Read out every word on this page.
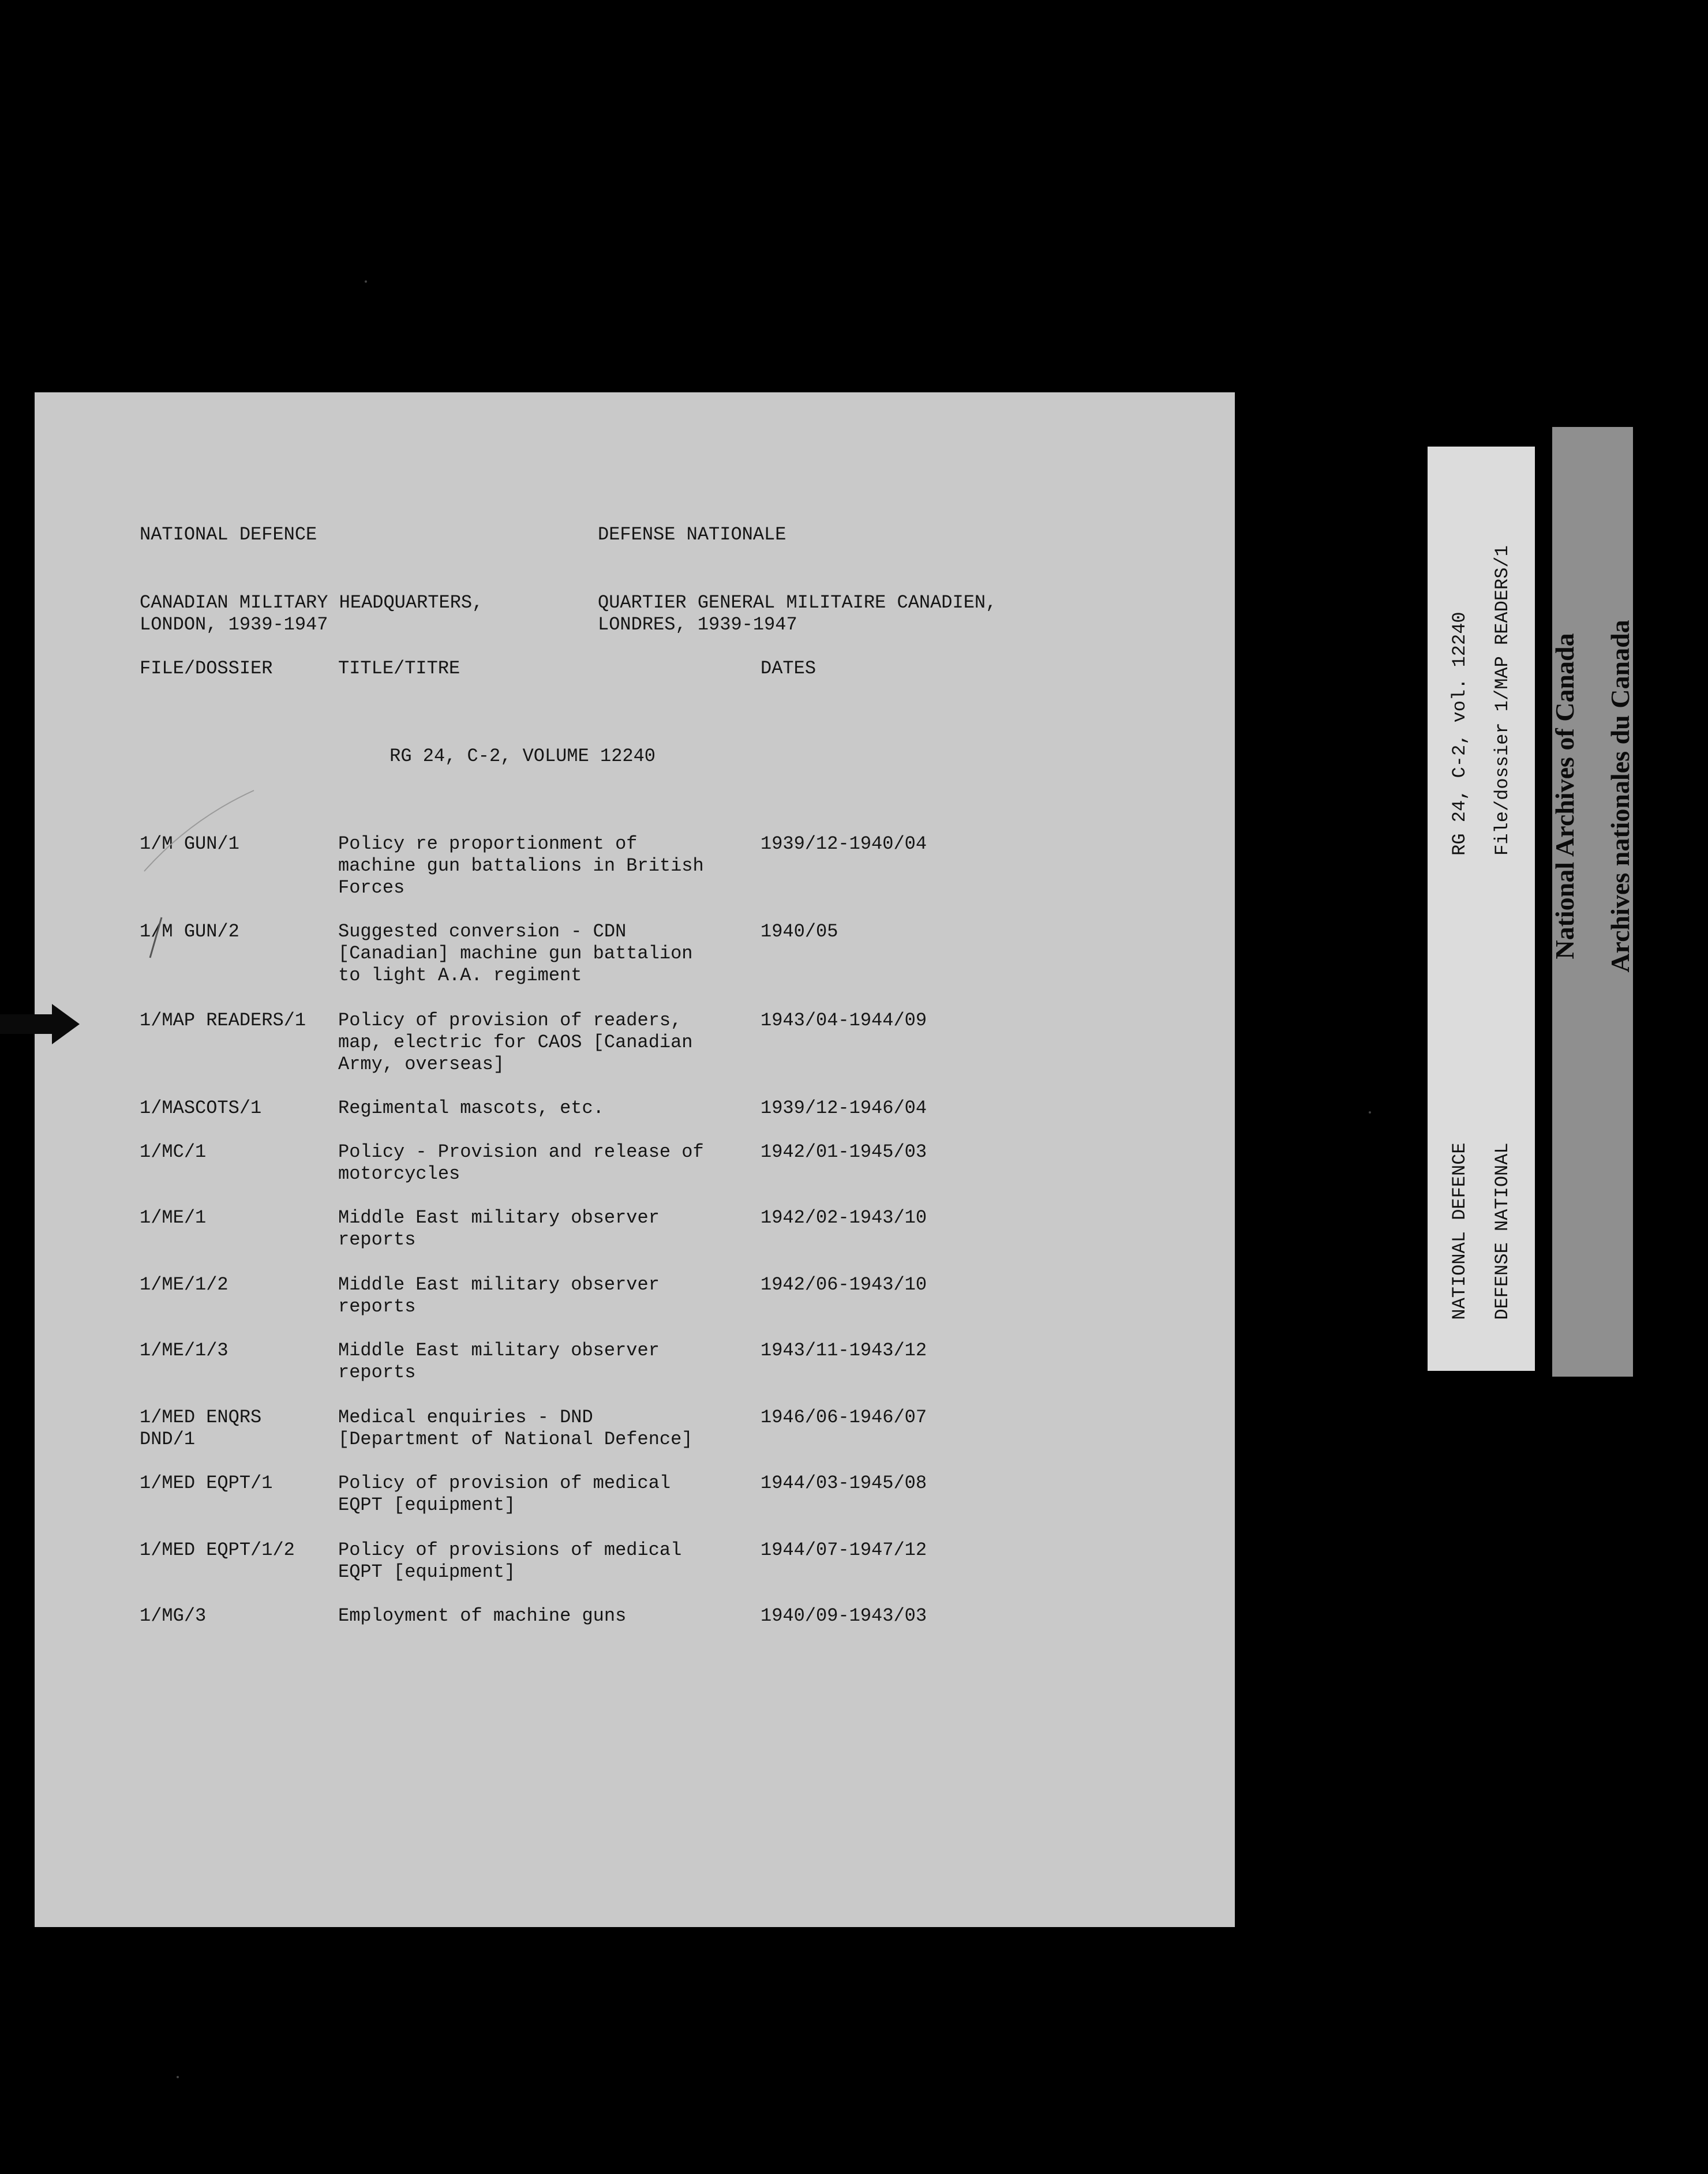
NATIONAL DEFENCE	DEFENSE NATIONALE
CANADIAN MILITARY HEADQUARTERS,
LONDON, 1939-1947
QUARTIER GENERAL MILITAIRE CANADIEN,
LONDRES, 1939-1947
FILE/DOSSIER	TITLE/TITRE	DATES
RG 24, C-2, VOLUME 12240
1/M GUN/1	Policy re proportionment of
machine gun battalions in British
Forces
1939/12-1940/04
1/M GUN/2	Suggested conversion - CDN
[Canadian] machine gun battalion
to light A.A. regiment
1940/05
1/MAP READERS/1 Policy of provision of readers,
map, electric for CAOS [Canadian
Army, overseas]
1943/04-1944/09
1/MASCOTS/1	Regimental mascots, etc.	1939/12-1946/04
1/MC/1	Policy - Provision and release of
motorcycles
1942/01-1945/03
1/ME/1	Middle East military observer
reports
1942/02-1943/10
1/ME/1/2	Middle East military observer
reports
1942/06-1943/10
1/ME/1/3	Middle East military observer
reports
1943/11-1943/12
1/MED ENQRS
DND/1
Medical enquiries - DND
[Department of National Defence]
1946/06-1946/07
1/MED EQPT/1	Policy of provision of medical
EQPT [equipment]
1944/03-1945/08
1/MED EQPT/1/2 Policy of provisions of medical
EQPT [equipment]
1944/07-1947/12
1/MG/3	Employment of machine guns	1940/09-1943/03

RG 24, C-2, vol. 12240

File/dossier 1/MAP READERS/1

NATIONAL DEFENCE

DEFENSE NATIONAL

National Archives of Canada

Archives nationales du Canada
